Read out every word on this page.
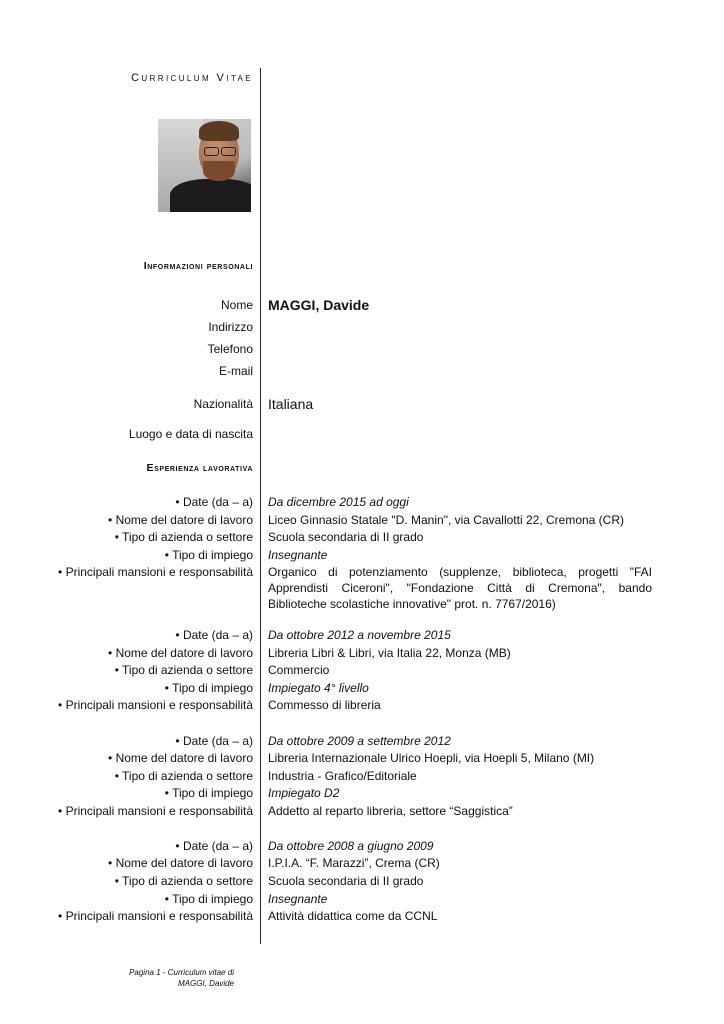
Curriculum Vitae
Informazioni personali
Nome MAGGI, Davide
Indirizzo
Telefono
E-mail
Nazionalità Italiana
Luogo e data di nascita
Esperienza lavorativa
• Date (da – a) Da dicembre 2015 ad oggi
• Nome del datore di lavoro Liceo Ginnasio Statale "D. Manin", via Cavallotti 22, Cremona (CR)
• Tipo di azienda o settore Scuola secondaria di II grado
• Tipo di impiego Insegnante
• Principali mansioni e responsabilità Organico di potenziamento (supplenze, biblioteca, progetti "FAI Apprendisti Ciceroni", "Fondazione Città di Cremona", bando Biblioteche scolastiche innovative" prot. n. 7767/2016)
• Date (da – a) Da ottobre 2012 a novembre 2015
• Nome del datore di lavoro Libreria Libri & Libri, via Italia 22, Monza (MB)
• Tipo di azienda o settore Commercio
• Tipo di impiego Impiegato 4° livello
• Principali mansioni e responsabilità Commesso di libreria
• Date (da – a) Da ottobre 2009 a settembre 2012
• Nome del datore di lavoro Libreria Internazionale Ulrico Hoepli, via Hoepli 5, Milano (MI)
• Tipo di azienda o settore Industria - Grafico/Editoriale
• Tipo di impiego Impiegato D2
• Principali mansioni e responsabilità Addetto al reparto libreria, settore “Saggistica”
• Date (da – a) Da ottobre 2008 a giugno 2009
• Nome del datore di lavoro I.P.I.A. “F. Marazzi”, Crema (CR)
• Tipo di azienda o settore Scuola secondaria di II grado
• Tipo di impiego Insegnante
• Principali mansioni e responsabilità Attività didattica come da CCNL
Pagina 1 - Curriculum vitae di
MAGGI, Davide
